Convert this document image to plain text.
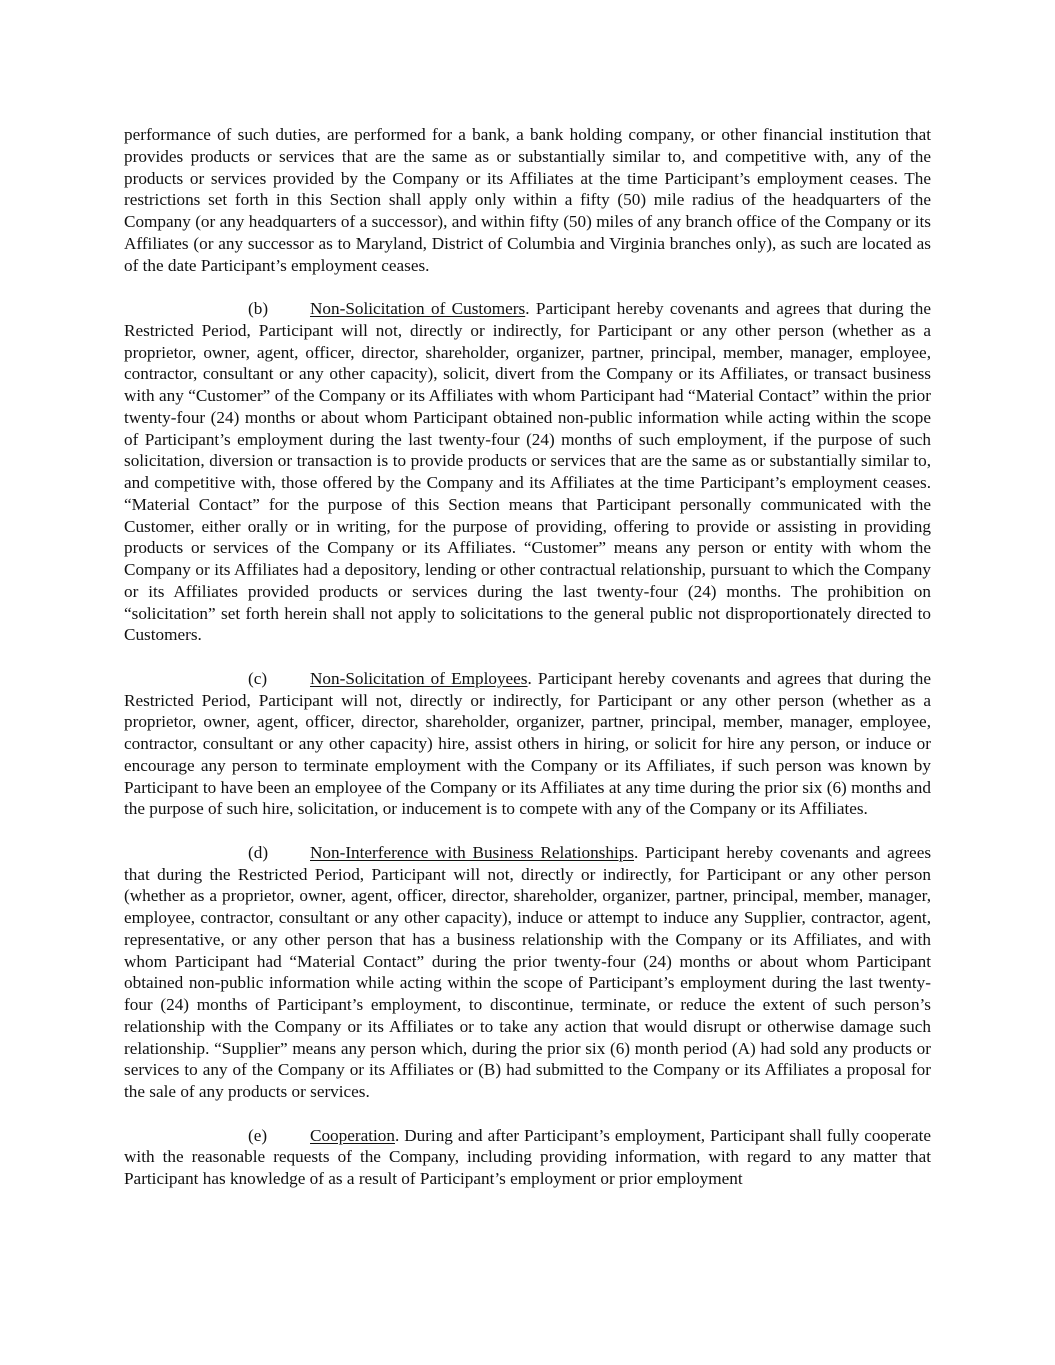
performance of such duties, are performed for a bank, a bank holding company, or other financial institution that provides products or services that are the same as or substantially similar to, and competitive with, any of the products or services provided by the Company or its Affiliates at the time Participant’s employment ceases. The restrictions set forth in this Section shall apply only within a fifty (50) mile radius of the headquarters of the Company (or any headquarters of a successor), and within fifty (50) miles of any branch office of the Company or its Affiliates (or any successor as to Maryland, District of Columbia and Virginia branches only), as such are located as of the date Participant’s employment ceases.

(b) Non-Solicitation of Customers. Participant hereby covenants and agrees that during the Restricted Period, Participant will not, directly or indirectly, for Participant or any other person (whether as a proprietor, owner, agent, officer, director, shareholder, organizer, partner, principal, member, manager, employee, contractor, consultant or any other capacity), solicit, divert from the Company or its Affiliates, or transact business with any “Customer” of the Company or its Affiliates with whom Participant had “Material Contact” within the prior twenty-four (24) months or about whom Participant obtained non-public information while acting within the scope of Participant’s employment during the last twenty-four (24) months of such employment, if the purpose of such solicitation, diversion or transaction is to provide products or services that are the same as or substantially similar to, and competitive with, those offered by the Company and its Affiliates at the time Participant’s employment ceases. “Material Contact” for the purpose of this Section means that Participant personally communicated with the Customer, either orally or in writing, for the purpose of providing, offering to provide or assisting in providing products or services of the Company or its Affiliates. “Customer” means any person or entity with whom the Company or its Affiliates had a depository, lending or other contractual relationship, pursuant to which the Company or its Affiliates provided products or services during the last twenty-four (24) months. The prohibition on “solicitation” set forth herein shall not apply to solicitations to the general public not disproportionately directed to Customers.

(c) Non-Solicitation of Employees. Participant hereby covenants and agrees that during the Restricted Period, Participant will not, directly or indirectly, for Participant or any other person (whether as a proprietor, owner, agent, officer, director, shareholder, organizer, partner, principal, member, manager, employee, contractor, consultant or any other capacity) hire, assist others in hiring, or solicit for hire any person, or induce or encourage any person to terminate employment with the Company or its Affiliates, if such person was known by Participant to have been an employee of the Company or its Affiliates at any time during the prior six (6) months and the purpose of such hire, solicitation, or inducement is to compete with any of the Company or its Affiliates.

(d) Non-Interference with Business Relationships. Participant hereby covenants and agrees that during the Restricted Period, Participant will not, directly or indirectly, for Participant or any other person (whether as a proprietor, owner, agent, officer, director, shareholder, organizer, partner, principal, member, manager, employee, contractor, consultant or any other capacity), induce or attempt to induce any Supplier, contractor, agent, representative, or any other person that has a business relationship with the Company or its Affiliates, and with whom Participant had “Material Contact” during the prior twenty-four (24) months or about whom Participant obtained non-public information while acting within the scope of Participant’s employment during the last twenty-four (24) months of Participant’s employment, to discontinue, terminate, or reduce the extent of such person’s relationship with the Company or its Affiliates or to take any action that would disrupt or otherwise damage such relationship. “Supplier” means any person which, during the prior six (6) month period (A) had sold any products or services to any of the Company or its Affiliates or (B) had submitted to the Company or its Affiliates a proposal for the sale of any products or services.

(e) Cooperation. During and after Participant’s employment, Participant shall fully cooperate with the reasonable requests of the Company, including providing information, with regard to any matter that Participant has knowledge of as a result of Participant’s employment or prior employment
